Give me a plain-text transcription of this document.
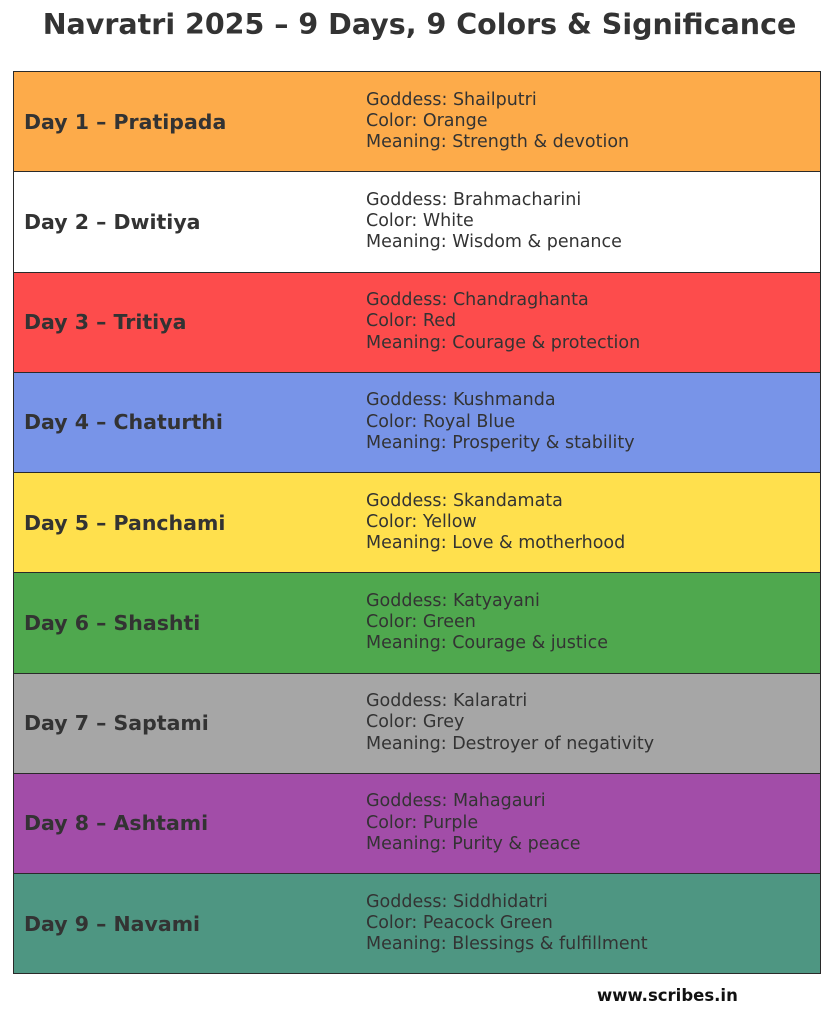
Navratri 2025 – 9 Days, 9 Colors & Significance
Day 1 – Pratipada
Goddess: Shailputri
Color: Orange
Meaning: Strength & devotion
Day 2 – Dwitiya
Goddess: Brahmacharini
Color: White
Meaning: Wisdom & penance
Day 3 – Tritiya
Goddess: Chandraghanta
Color: Red
Meaning: Courage & protection
Day 4 – Chaturthi
Goddess: Kushmanda
Color: Royal Blue
Meaning: Prosperity & stability
Day 5 – Panchami
Goddess: Skandamata
Color: Yellow
Meaning: Love & motherhood
Day 6 – Shashti
Goddess: Katyayani
Color: Green
Meaning: Courage & justice
Day 7 – Saptami
Goddess: Kalaratri
Color: Grey
Meaning: Destroyer of negativity
Day 8 – Ashtami
Goddess: Mahagauri
Color: Purple
Meaning: Purity & peace
Day 9 – Navami
Goddess: Siddhidatri
Color: Peacock Green
Meaning: Blessings & fulfillment
www.scribes.in
